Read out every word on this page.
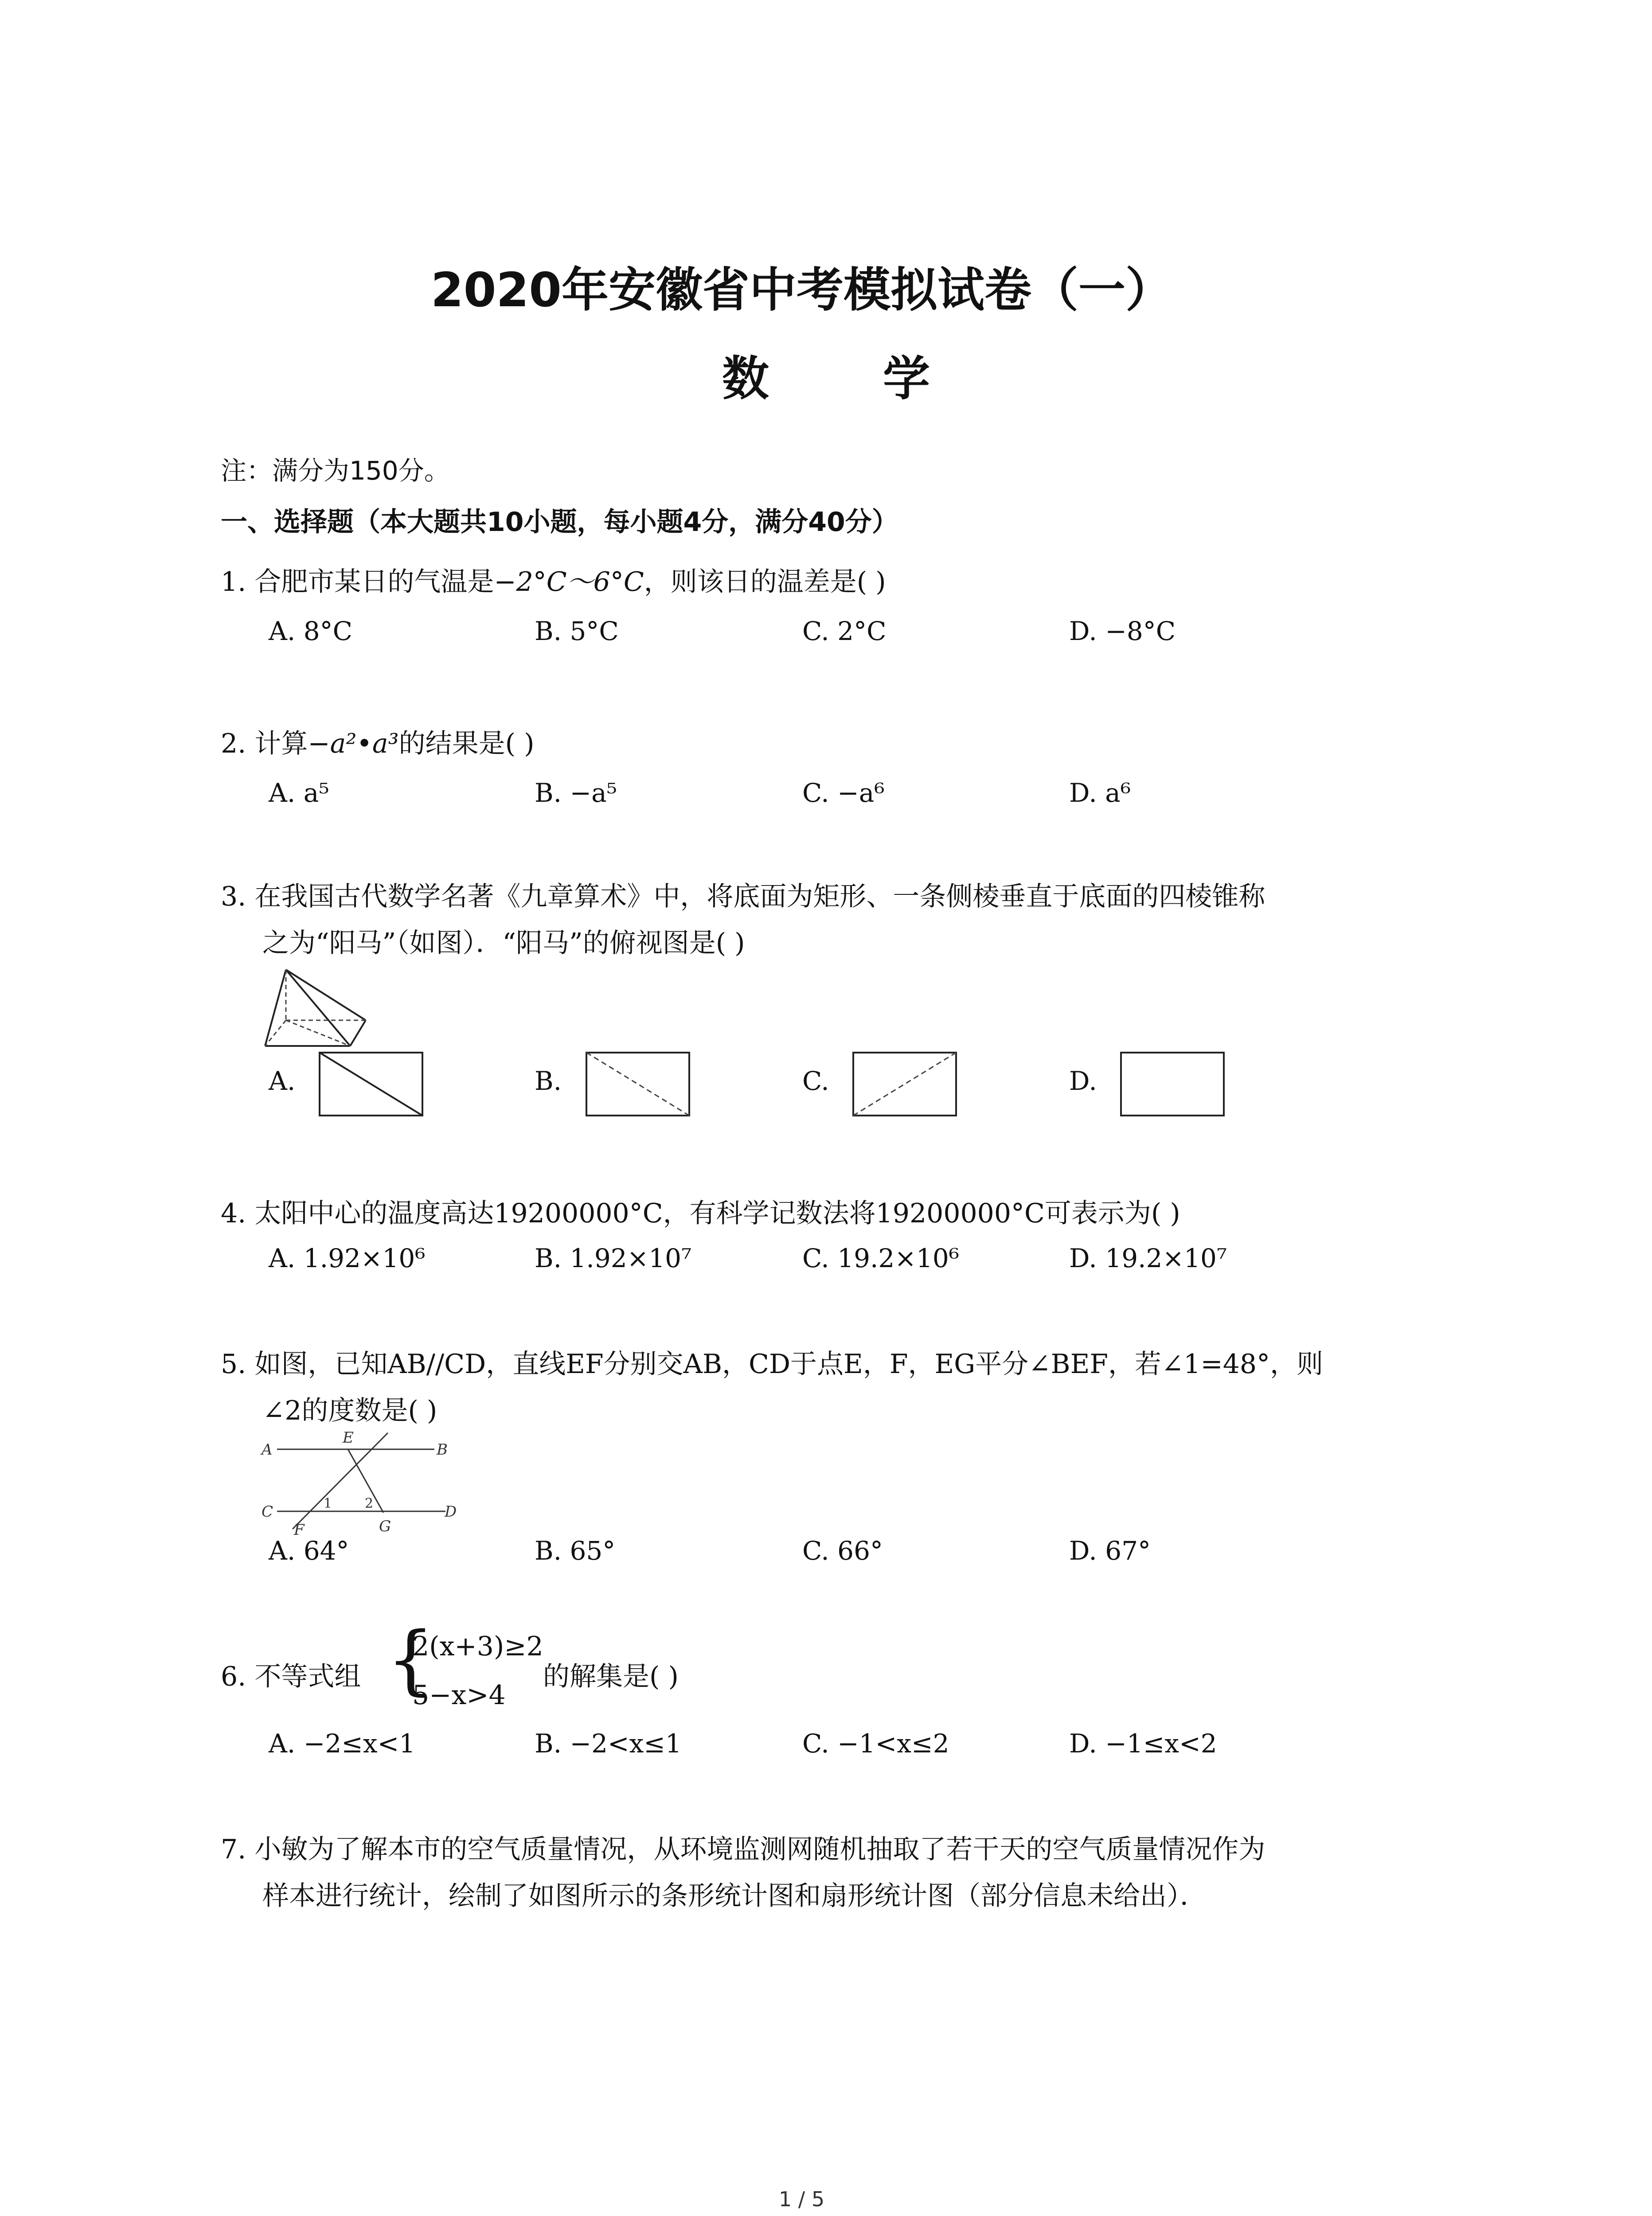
2020年安徽省中考模拟试卷（一）
数 学
注：满分为150分。
一、选择题（本大题共10小题，每小题4分，满分40分）
1. 合肥市某日的气温是−2°C～6°C，则该日的温差是( )
A. 8°C	B. 5°C	C. 2°C	D. −8°C
2. 计算−a²•a³的结果是( )
A. a⁵	B. −a⁵	C. −a⁶	D. a⁶
3. 在我国古代数学名著《九章算术》中，将底面为矩形、一条侧棱垂直于底面的四棱锥称
之为“阳马”（如图）．“阳马”的俯视图是( )
A.	B.	C.	D.
4. 太阳中心的温度高达19200000°C，有科学记数法将19200000°C可表示为( )
A. 1.92×10⁶	B. 1.92×10⁷	C. 19.2×10⁶	D. 19.2×10⁷
5. 如图，已知AB//CD，直线EF分别交AB，CD于点E，F，EG平分∠BEF，若∠1=48°，则
∠2的度数是( )
A	B
C	D
E
F	G
1 2
A. 64°	B. 65°	C. 66°	D. 67°
6. 不等式组 {
2(x+3)≥2
5−x>4
的解集是( )
A. −2≤x<1	B. −2<x≤1	C. −1<x≤2	D. −1≤x<2
7. 小敏为了解本市的空气质量情况，从环境监测网随机抽取了若干天的空气质量情况作为
样本进行统计，绘制了如图所示的条形统计图和扇形统计图（部分信息未给出）．
1 / 5
